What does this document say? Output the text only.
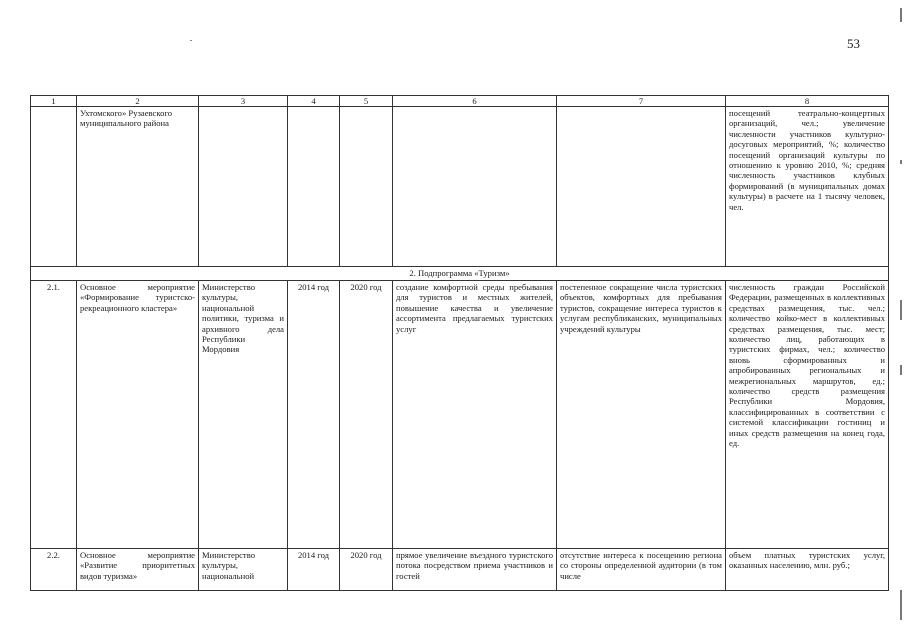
53
1	2	3	4	5	6	7	8
	Ухтомского» Рузаевского муниципального района						посещений театрально-концертных организаций, чел.; увеличение численности участников культурно-досуговых мероприятий, %; количество посещений организаций культуры по отношению к уровню 2010, %; средняя численность участников клубных формирований (в муниципальных домах культуры) в расчете на 1 тысячу человек, чел.
2. Подпрограмма «Туризм»							
2.1.	Основное мероприятие «Формирование туристско-рекреационного кластера»	Министерство культуры, национальной политики, туризма и архивного дела Республики Мордовия	2014 год	2020 год	создание комфортной среды пребывания для туристов и местных жителей, повышение качества и увеличение ассортимента предлагаемых туристских услуг	постепенное сокращение числа туристских объектов, комфортных для пребывания туристов, сокращение интереса туристов к услугам республиканских, муниципальных учреждений культуры	численность граждан Российской Федерации, размещенных в коллективных средствах размещения, тыс. чел.; количество койко-мест в коллективных средствах размещения, тыс. мест; количество лиц, работающих в туристских фирмах, чел.; количество вновь сформированных и апробированных региональных и межрегиональных маршрутов, ед.; количество средств размещения Республики Мордовия, классифицированных в соответствии с системой классификации гостиниц и иных средств размещения на конец года, ед.
2.2.	Основное мероприятие «Развитие приоритетных видов туризма»	Министерство культуры, национальной	2014 год	2020 год	прямое увеличение въездного туристского потока посредством приема участников и гостей	отсутствие интереса к посещению региона со стороны определенной аудитории (в том числе	объем платных туристских услуг, оказанных населению, млн. руб.;
